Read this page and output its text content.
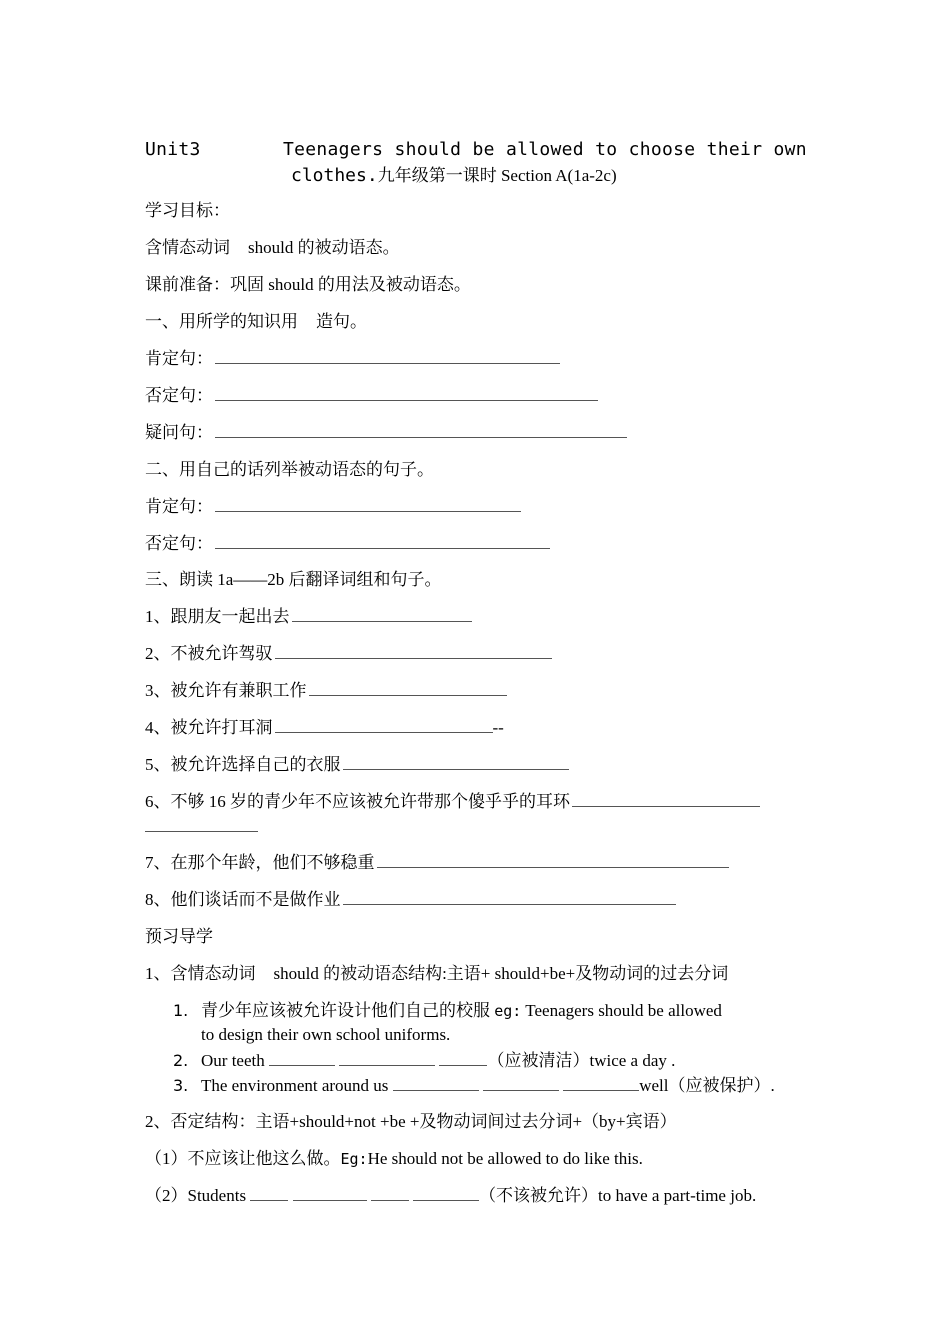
Unit3	Teenagers should be allowed to choose their own
clothes.九年级第一课时 Section A(1a-2c)
学习目标：
含情态动词 should 的被动语态。
课前准备：巩固 should 的用法及被动语态。
一、用所学的知识用 造句。
肯定句：
否定句：
疑问句：
二、用自己的话列举被动语态的句子。
肯定句：
否定句：
三、朗读 1a——2b 后翻译词组和句子。
1、跟朋友一起出去
2、不被允许驾驭
3、被允许有兼职工作
4、被允许打耳洞	--
5、被允许选择自己的衣服
6、不够 16 岁的青少年不应该被允许带那个傻乎乎的耳环
7、在那个年龄，他们不够稳重
8、他们谈话而不是做作业
预习导学
1、含情态动词 should 的被动语态结构:主语+ should+be+及物动词的过去分词
1. 青少年应该被允许设计他们自己的校服 eg: Teenagers should be allowed
to design their own school uniforms.
2. Our teeth	（应被清洁）twice a day .
3. The environment around us	well（应被保护）.
2、否定结构：主语+should+not +be +及物动词间过去分词+（by+宾语）
（1）不应该让他这么做。Eg:He should not be allowed to do like this.
（2）Students	（不该被允许）to have a part-time job.
